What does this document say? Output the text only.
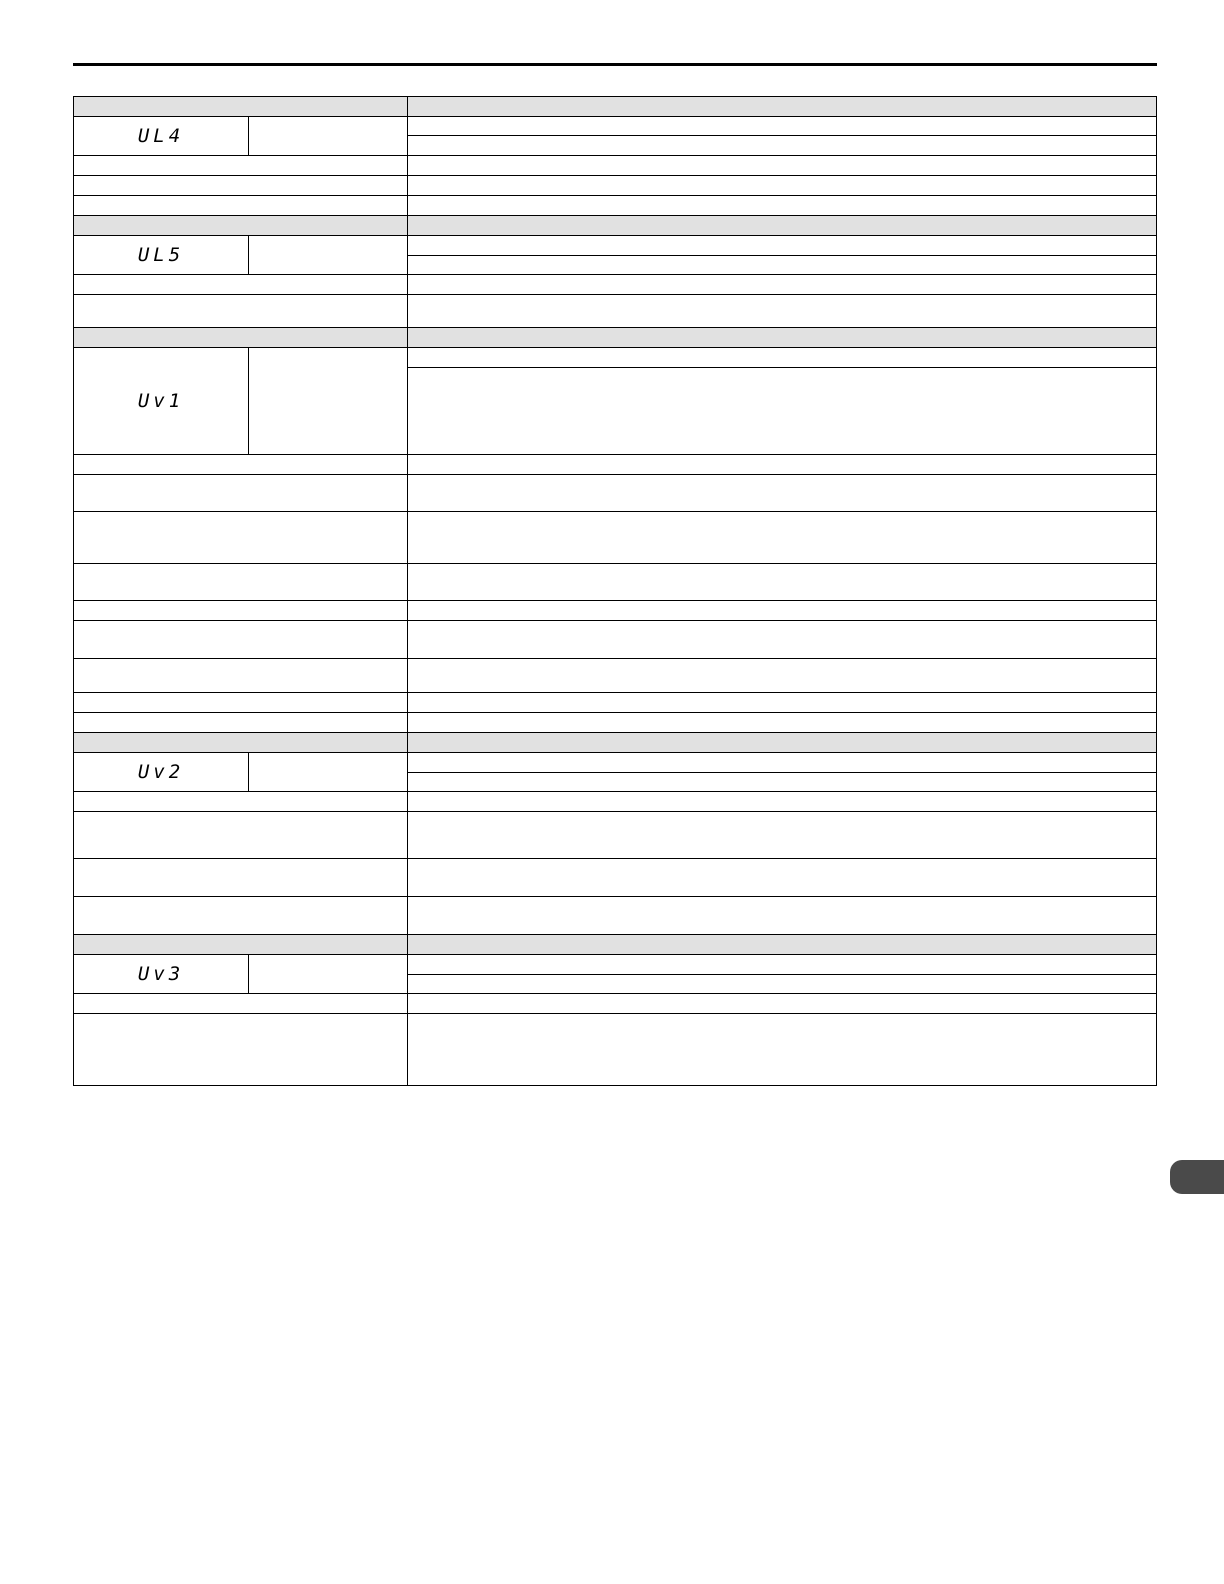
UL4
UL5
Uv1
Uv2
Uv3
